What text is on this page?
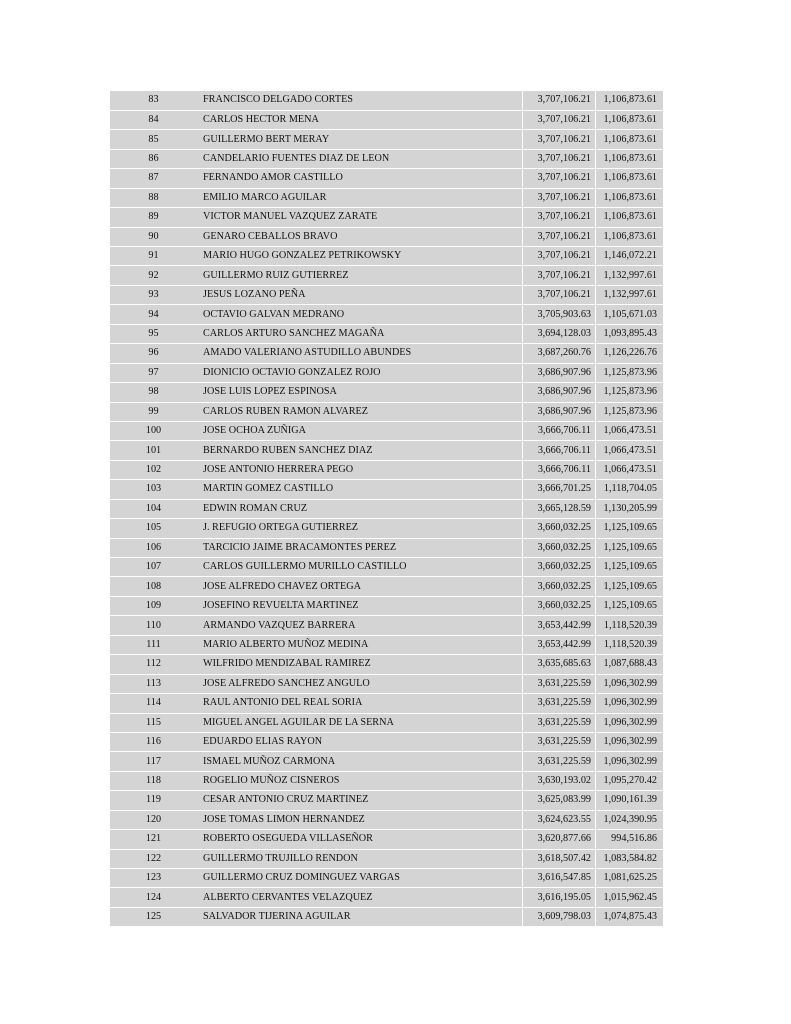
83	FRANCISCO DELGADO CORTES	3,707,106.21	1,106,873.61
84	CARLOS HECTOR MENA	3,707,106.21	1,106,873.61
85	GUILLERMO BERT MERAY	3,707,106.21	1,106,873.61
86	CANDELARIO FUENTES DIAZ DE LEON	3,707,106.21	1,106,873.61
87	FERNANDO AMOR CASTILLO	3,707,106.21	1,106,873.61
88	EMILIO MARCO AGUILAR	3,707,106.21	1,106,873.61
89	VICTOR MANUEL VAZQUEZ ZARATE	3,707,106.21	1,106,873.61
90	GENARO CEBALLOS BRAVO	3,707,106.21	1,106,873.61
91	MARIO HUGO GONZALEZ PETRIKOWSKY	3,707,106.21	1,146,072.21
92	GUILLERMO RUIZ GUTIERREZ	3,707,106.21	1,132,997.61
93	JESUS LOZANO PEÑA	3,707,106.21	1,132,997.61
94	OCTAVIO GALVAN MEDRANO	3,705,903.63	1,105,671.03
95	CARLOS ARTURO SANCHEZ MAGAÑA	3,694,128.03	1,093,895.43
96	AMADO VALERIANO ASTUDILLO ABUNDES	3,687,260.76	1,126,226.76
97	DIONICIO OCTAVIO GONZALEZ ROJO	3,686,907.96	1,125,873.96
98	JOSE LUIS LOPEZ ESPINOSA	3,686,907.96	1,125,873.96
99	CARLOS RUBEN RAMON ALVAREZ	3,686,907.96	1,125,873.96
100	JOSE OCHOA ZUÑIGA	3,666,706.11	1,066,473.51
101	BERNARDO RUBEN SANCHEZ DIAZ	3,666,706.11	1,066,473.51
102	JOSE ANTONIO HERRERA PEGO	3,666,706.11	1,066,473.51
103	MARTIN GOMEZ CASTILLO	3,666,701.25	1,118,704.05
104	EDWIN ROMAN CRUZ	3,665,128.59	1,130,205.99
105	J. REFUGIO ORTEGA GUTIERREZ	3,660,032.25	1,125,109.65
106	TARCICIO JAIME BRACAMONTES PEREZ	3,660,032.25	1,125,109.65
107	CARLOS GUILLERMO MURILLO CASTILLO	3,660,032.25	1,125,109.65
108	JOSE ALFREDO CHAVEZ ORTEGA	3,660,032.25	1,125,109.65
109	JOSEFINO REVUELTA MARTINEZ	3,660,032.25	1,125,109.65
110	ARMANDO VAZQUEZ BARRERA	3,653,442.99	1,118,520.39
111	MARIO ALBERTO MUÑOZ MEDINA	3,653,442.99	1,118,520.39
112	WILFRIDO MENDIZABAL RAMIREZ	3,635,685.63	1,087,688.43
113	JOSE ALFREDO SANCHEZ ANGULO	3,631,225.59	1,096,302.99
114	RAUL ANTONIO DEL REAL SORIA	3,631,225.59	1,096,302.99
115	MIGUEL ANGEL AGUILAR DE LA SERNA	3,631,225.59	1,096,302.99
116	EDUARDO ELIAS RAYON	3,631,225.59	1,096,302.99
117	ISMAEL MUÑOZ CARMONA	3,631,225.59	1,096,302.99
118	ROGELIO MUÑOZ CISNEROS	3,630,193.02	1,095,270.42
119	CESAR ANTONIO CRUZ MARTINEZ	3,625,083.99	1,090,161.39
120	JOSE TOMAS LIMON HERNANDEZ	3,624,623.55	1,024,390.95
121	ROBERTO OSEGUEDA VILLASEÑOR	3,620,877.66	994,516.86
122	GUILLERMO TRUJILLO RENDON	3,618,507.42	1,083,584.82
123	GUILLERMO CRUZ DOMINGUEZ VARGAS	3,616,547.85	1,081,625.25
124	ALBERTO CERVANTES VELAZQUEZ	3,616,195.05	1,015,962.45
125	SALVADOR TIJERINA AGUILAR	3,609,798.03	1,074,875.43
